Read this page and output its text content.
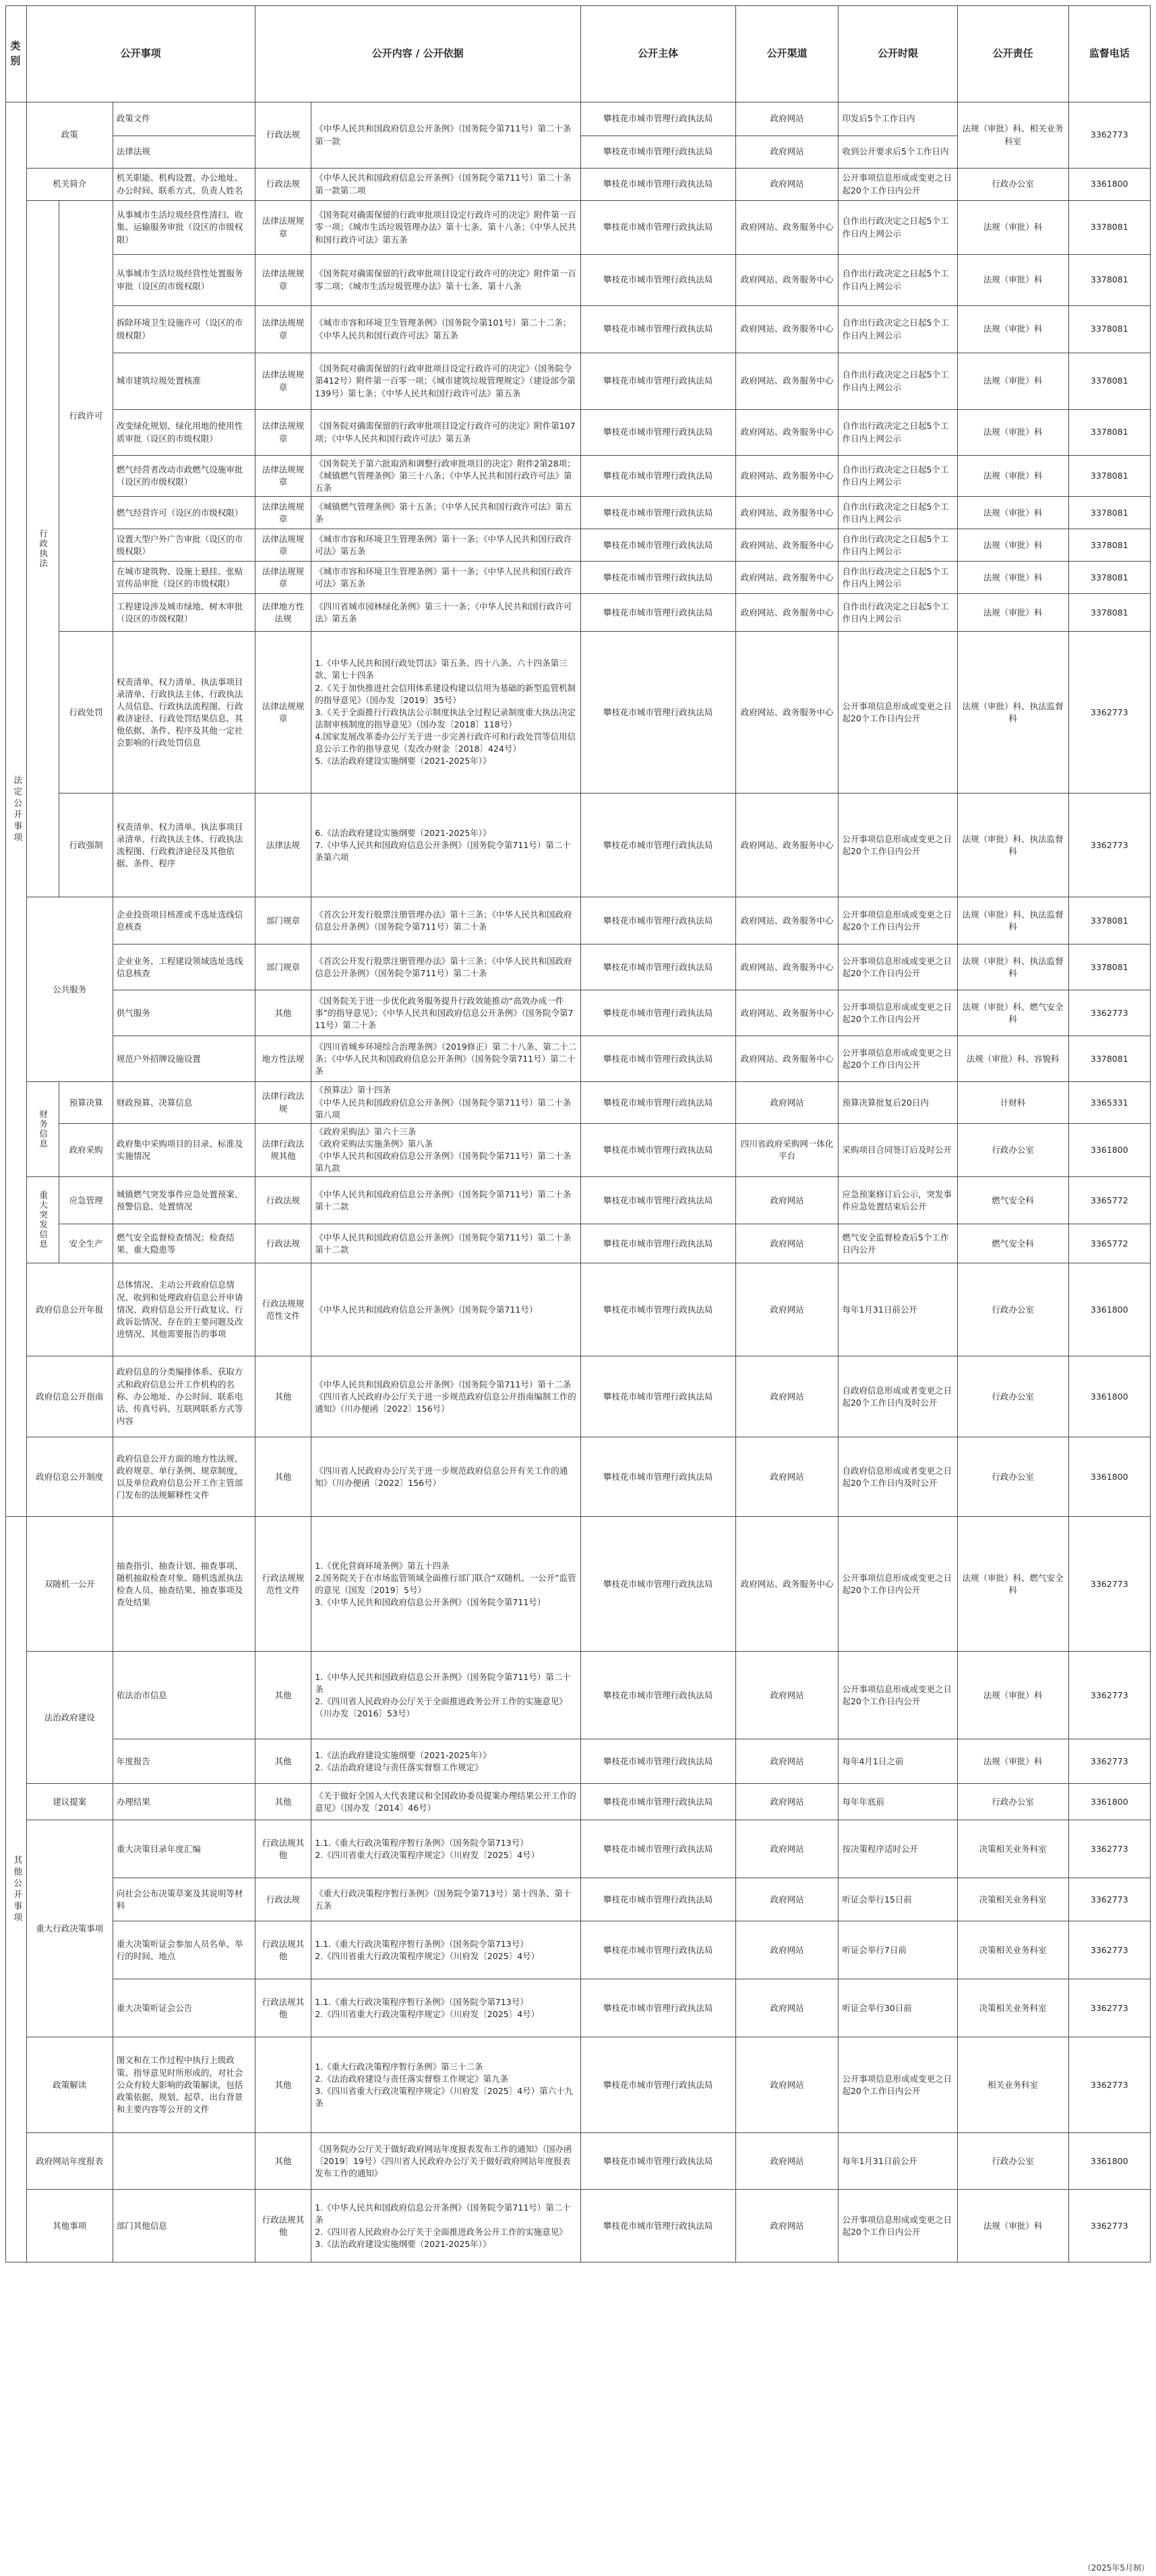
类别	公开事项			公开内容 / 公开依据		公开主体	公开渠道	公开时限	公开责任	监督电话
法定公开事项	政策		政策文件	行政法规	《中华人民共和国政府信息公开条例》（国务院令第711号）第二十条第一款	攀枝花市城市管理行政执法局	政府网站	印发后5个工作日内	法规（审批）科、相关业务科室	3362773
			法律法规			攀枝花市城市管理行政执法局	政府网站	收到公开要求后5个工作日内		
	机关简介		机关职能、机构设置、办公地址、办公时间、联系方式、负责人姓名	行政法规	《中华人民共和国政府信息公开条例》（国务院令第711号）第二十条第一款第二项	攀枝花市城市管理行政执法局	政府网站	公开事项信息形成或变更之日起20个工作日内公开	行政办公室	3361800
	行政执法	行政许可	从事城市生活垃圾经营性清扫、收集、运输服务审批（设区的市级权限）	法律法规规章	《国务院对确需保留的行政审批项目设定行政许可的决定》附件第一百零一项；《城市生活垃圾管理办法》第十七条、第十八条；《中华人民共和国行政许可法》第五条	攀枝花市城市管理行政执法局	政府网站、政务服务中心	自作出行政决定之日起5个工作日内上网公示	法规（审批）科	3378081
			从事城市生活垃圾经营性处置服务审批（设区的市级权限）	法律法规规章	《国务院对确需保留的行政审批项目设定行政许可的决定》附件第一百零二项；《城市生活垃圾管理办法》第十七条、第十八条	攀枝花市城市管理行政执法局	政府网站、政务服务中心	自作出行政决定之日起5个工作日内上网公示	法规（审批）科	3378081
			拆除环境卫生设施许可（设区的市级权限）	法律法规规章	《城市市容和环境卫生管理条例》（国务院令第101号）第二十二条；《中华人民共和国行政许可法》第五条	攀枝花市城市管理行政执法局	政府网站、政务服务中心	自作出行政决定之日起5个工作日内上网公示	法规（审批）科	3378081
			城市建筑垃圾处置核准	法律法规规章	《国务院对确需保留的行政审批项目设定行政许可的决定》（国务院令第412号）附件第一百零一项；《城市建筑垃圾管理规定》（建设部令第139号）第七条；《中华人民共和国行政许可法》第五条	攀枝花市城市管理行政执法局	政府网站、政务服务中心	自作出行政决定之日起5个工作日内上网公示	法规（审批）科	3378081
			改变绿化规划、绿化用地的使用性质审批（设区的市级权限）	法律法规规章	《国务院对确需保留的行政审批项目设定行政许可的决定》附件第107项；《中华人民共和国行政许可法》第五条	攀枝花市城市管理行政执法局	政府网站、政务服务中心	自作出行政决定之日起5个工作日内上网公示	法规（审批）科	3378081
			燃气经营者改动市政燃气设施审批（设区的市级权限）	法律法规规章	《国务院关于第六批取消和调整行政审批项目的决定》附件2第28项；《城镇燃气管理条例》第三十八条；《中华人民共和国行政许可法》第五条	攀枝花市城市管理行政执法局	政府网站、政务服务中心	自作出行政决定之日起5个工作日内上网公示	法规（审批）科	3378081
			燃气经营许可（设区的市级权限）	法律法规规章	《城镇燃气管理条例》第十五条；《中华人民共和国行政许可法》第五条	攀枝花市城市管理行政执法局	政府网站、政务服务中心	自作出行政决定之日起5个工作日内上网公示	法规（审批）科	3378081
			设置大型户外广告审批（设区的市级权限）	法律法规规章	《城市市容和环境卫生管理条例》第十一条；《中华人民共和国行政许可法》第五条	攀枝花市城市管理行政执法局	政府网站、政务服务中心	自作出行政决定之日起5个工作日内上网公示	法规（审批）科	3378081
			在城市建筑物、设施上悬挂、张贴宣传品审批（设区的市级权限）	法律法规规章	《城市市容和环境卫生管理条例》第十一条；《中华人民共和国行政许可法》第五条	攀枝花市城市管理行政执法局	政府网站、政务服务中心	自作出行政决定之日起5个工作日内上网公示	法规（审批）科	3378081
			工程建设涉及城市绿地、树木审批（设区的市级权限）	法律地方性法规	《四川省城市园林绿化条例》第三十一条；《中华人民共和国行政许可法》第五条	攀枝花市城市管理行政执法局	政府网站、政务服务中心	自作出行政决定之日起5个工作日内上网公示	法规（审批）科	3378081
		行政处罚	权责清单、权力清单、执法事项目录清单、行政执法主体、行政执法人员信息、行政执法流程图、行政救济途径、行政处罚结果信息、其他依据、条件、程序及其他一定社会影响的行政处罚信息	法律法规规章	1.《中华人民共和国行政处罚法》第五条、四十八条、六十四条第三款、第七十四条
2.《关于加快推进社会信用体系建设构建以信用为基础的新型监管机制的指导意见》（国办发〔2019〕35号）
3.《关于全面推行行政执法公示制度执法全过程记录制度重大执法决定法制审核制度的指导意见》（国办发〔2018〕118号）
4.国家发展改革委办公厅关于进一步完善行政许可和行政处罚等信用信息公示工作的指导意见（发改办财金〔2018〕424号）
5.《法治政府建设实施纲要（2021-2025年）》	攀枝花市城市管理行政执法局	政府网站、政务服务中心	公开事项信息形成或变更之日起20个工作日内公开	法规（审批）科、执法监督科	3362773
		行政强制	权责清单、权力清单、执法事项目录清单、行政执法主体、行政执法流程图、行政救济途径及其他依据、条件、程序	法律法规	6.《法治政府建设实施纲要（2021-2025年）》
7.《中华人民共和国政府信息公开条例》（国务院令第711号）第二十条第六项	攀枝花市城市管理行政执法局	政府网站、政务服务中心	公开事项信息形成或变更之日起20个工作日内公开	法规（审批）科、执法监督科	3362773
	公共服务		企业投资项目核准或不选址选线信息核查	部门规章	《首次公开发行股票注册管理办法》第十三条；《中华人民共和国政府信息公开条例》（国务院令第711号）第二十条	攀枝花市城市管理行政执法局	政府网站、政务服务中心	公开事项信息形成或变更之日起20个工作日内公开	法规（审批）科、执法监督科	3378081
			企业业务、工程建设领域选址选线信息核查	部门规章	《首次公开发行股票注册管理办法》第十三条；《中华人民共和国政府信息公开条例》（国务院令第711号）第二十条	攀枝花市城市管理行政执法局	政府网站、政务服务中心	公开事项信息形成或变更之日起20个工作日内公开	法规（审批）科、执法监督科	3378081
			供气服务	其他	《国务院关于进一步优化政务服务提升行政效能推动“高效办成一件事”的指导意见》；《中华人民共和国政府信息公开条例》（国务院令第711号）第二十条	攀枝花市城市管理行政执法局	政府网站、政务服务中心	公开事项信息形成或变更之日起20个工作日内公开	法规（审批）科、燃气安全科	3362773
			规范户外招牌设施设置	地方性法规	《四川省城乡环境综合治理条例》（2019修正）第二十八条、第二十二条；《中华人民共和国政府信息公开条例》（国务院令第711号）第二十条	攀枝花市城市管理行政执法局	政府网站、政务服务中心	公开事项信息形成或变更之日起20个工作日内公开	法规（审批）科、容貌科	3378081
	财务信息	预算决算	财政预算、决算信息	法律行政法规	《预算法》第十四条
《中华人民共和国政府信息公开条例》（国务院令第711号）第二十条第八项	攀枝花市城市管理行政执法局	政府网站	预算决算批复后20日内	计财科	3365331
		政府采购	政府集中采购项目的目录、标准及实施情况	法律行政法规其他	《政府采购法》第六十三条
《政府采购法实施条例》第八条
《中华人民共和国政府信息公开条例》（国务院令第711号）第二十条第九款	攀枝花市城市管理行政执法局	四川省政府采购网一体化平台	采购项目合同签订后及时公开	行政办公室	3361800
	重大突发信息	应急管理	城镇燃气突发事件应急处置预案、预警信息、处置情况	行政法规	《中华人民共和国政府信息公开条例》（国务院令第711号）第二十条第十二款	攀枝花市城市管理行政执法局	政府网站	应急预案修订后公示，突发事件应急处置结束后公开	燃气安全科	3365772
		安全生产	燃气安全监督检查情况；检查结果、重大隐患等	行政法规	《中华人民共和国政府信息公开条例》（国务院令第711号）第二十条第十二款	攀枝花市城市管理行政执法局	政府网站	燃气安全监督检查后5个工作日内公开	燃气安全科	3365772
	政府信息公开年报		总体情况、主动公开政府信息情况、收到和处理政府信息公开申请情况、政府信息公开行政复议、行政诉讼情况、存在的主要问题及改进情况、其他需要报告的事项	行政法规规范性文件	《中华人民共和国政府信息公开条例》（国务院令第711号）	攀枝花市城市管理行政执法局	政府网站	每年1月31日前公开	行政办公室	3361800
	政府信息公开指南		政府信息的分类编排体系、获取方式和政府信息公开工作机构的名称、办公地址、办公时间、联系电话、传真号码、互联网联系方式等内容	其他	《中华人民共和国政府信息公开条例》（国务院令第711号）第十二条《四川省人民政府办公厅关于进一步规范政府信息公开指南编制工作的通知》（川办便函〔2022〕156号）	攀枝花市城市管理行政执法局	政府网站	自政府信息形成或者变更之日起20个工作日内及时公开	行政办公室	3361800
	政府信息公开制度		政府信息公开方面的地方性法规、政府规章、单行条例、规章制度，以及单位政府信息公开工作主管部门发布的法规解释性文件	其他	《四川省人民政府办公厅关于进一步规范政府信息公开有关工作的通知》（川办便函〔2022〕156号）	攀枝花市城市管理行政执法局	政府网站	自政府信息形成或者变更之日起20个工作日内及时公开	行政办公室	3361800
其他公开事项	双随机一公开		抽查指引、抽查计划、抽查事项、随机抽取检查对象、随机选派执法检查人员、抽查结果、抽查事项及查处结果	行政法规规范性文件	1.《优化营商环境条例》第五十四条
2.国务院关于在市场监管领域全面推行部门联合“双随机、一公开”监管的意见（国发〔2019〕5号）
3.《中华人民共和国政府信息公开条例》（国务院令第711号）	攀枝花市城市管理行政执法局	政府网站、政务服务中心	公开事项信息形成或变更之日起20个工作日内公开	法规（审批）科、燃气安全科	3362773
	法治政府建设		依法治市信息	其他	1.《中华人民共和国政府信息公开条例》（国务院令第711号）第二十条
2.《四川省人民政府办公厅关于全面推进政务公开工作的实施意见》（川办发〔2016〕53号）	攀枝花市城市管理行政执法局	政府网站	公开事项信息形成或变更之日起20个工作日内公开	法规（审批）科	3362773
			年度报告	其他	1.《法治政府建设实施纲要（2021-2025年）》
2.《法治政府建设与责任落实督察工作规定》	攀枝花市城市管理行政执法局	政府网站	每年4月1日之前	法规（审批）科	3362773
	建议提案		办理结果	其他	《关于做好全国人大代表建议和全国政协委员提案办理结果公开工作的意见》（国办发〔2014〕46号）	攀枝花市城市管理行政执法局	政府网站	每年年底前	行政办公室	3361800
	重大行政决策事项		重大决策目录年度汇编	行政法规其他	1.1.《重大行政决策程序暂行条例》（国务院令第713号）
2.《四川省重大行政决策程序规定》（川府发〔2025〕4号）	攀枝花市城市管理行政执法局	政府网站	按决策程序适时公开	决策相关业务科室	3362773
			向社会公布决策草案及其说明等材料	行政法规	《重大行政决策程序暂行条例》（国务院令第713号）第十四条、第十五条	攀枝花市城市管理行政执法局	政府网站	听证会举行15日前	决策相关业务科室	3362773
			重大决策听证会参加人员名单、举行的时间、地点	行政法规其他	1.1.《重大行政决策程序暂行条例》（国务院令第713号）
2.《四川省重大行政决策程序规定》（川府发〔2025〕4号）	攀枝花市城市管理行政执法局	政府网站	听证会举行7日前	决策相关业务科室	3362773
			重大决策听证会公告	行政法规其他	1.1.《重大行政决策程序暂行条例》（国务院令第713号）
2.《四川省重大行政决策程序规定》（川府发〔2025〕4号）	攀枝花市城市管理行政执法局	政府网站	听证会举行30日前	决策相关业务科室	3362773
	政策解读		图文和在工作过程中执行上级政策、指导意见时所形成的，对社会公众有较大影响的政策解读，包括政策依据、规划、起草、出台背景和主要内容等公开的文件	其他	1.《重大行政决策程序暂行条例》第三十二条
2.《法治政府建设与责任落实督察工作规定》第九条
3.《四川省重大行政决策程序规定》（川府发〔2025〕4号）第六十九条	攀枝花市城市管理行政执法局	政府网站	公开事项信息形成或变更之日起20个工作日内公开	相关业务科室	3362773
	政府网站年度报表			其他	《国务院办公厅关于做好政府网站年度报表发布工作的通知》（国办函〔2019〕19号）《四川省人民政府办公厅关于做好政府网站年度报表发布工作的通知》	攀枝花市城市管理行政执法局	政府网站	每年1月31日前公开	行政办公室	3361800
	其他事项		部门其他信息	行政法规其他	1.《中华人民共和国政府信息公开条例》（国务院令第711号）第二十条
2.《四川省人民政府办公厅关于全面推进政务公开工作的实施意见》
3.《法治政府建设实施纲要（2021-2025年）》	攀枝花市城市管理行政执法局	政府网站	公开事项信息形成或变更之日起20个工作日内公开	法规（审批）科	3362773
（2025年5月制）
